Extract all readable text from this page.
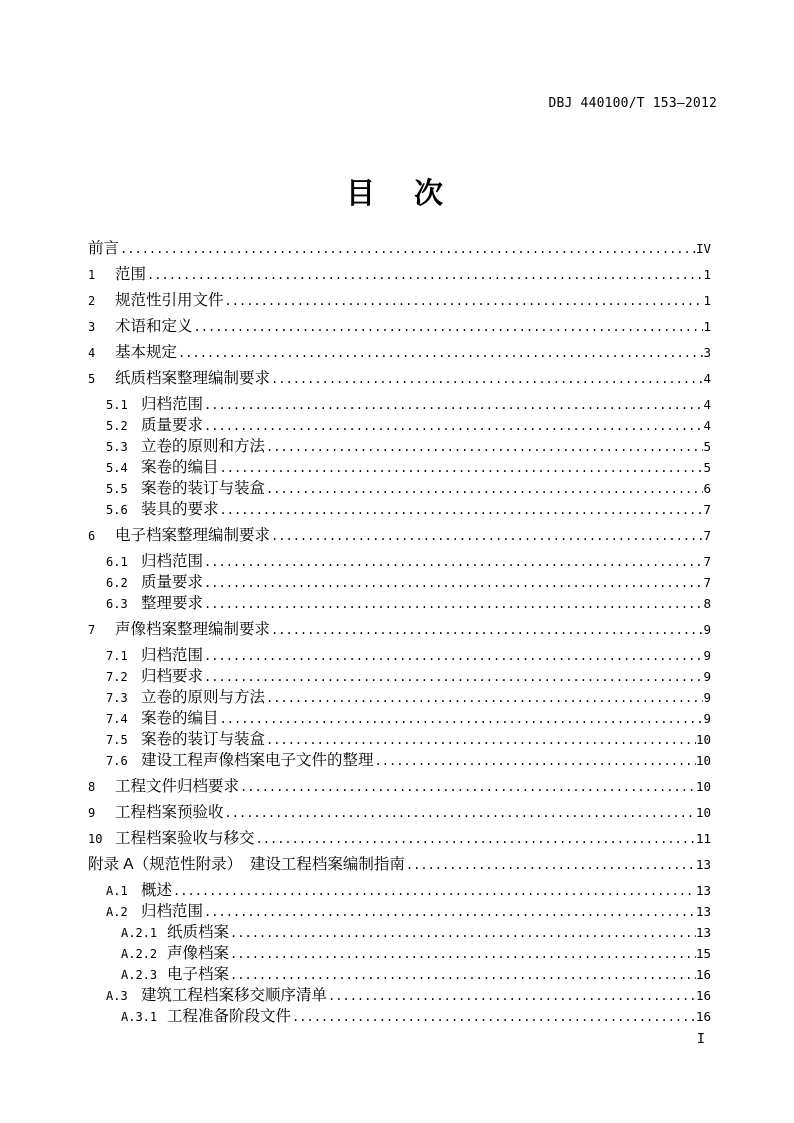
DBJ 440100/T 153—2012
目　次
前言 .....	IV
1	范围 .....	1
2	规范性引用文件 .....	1
3	术语和定义 .....	1
4	基本规定 .....	3
5	纸质档案整理编制要求 .....	4
5.1 归档范围 .....	4
5.2 质量要求 .....	4
5.3 立卷的原则和方法 .....	5
5.4 案卷的编目 .....	5
5.5 案卷的装订与装盒 .....	6
5.6 装具的要求 .....	7
6	电子档案整理编制要求 .....	7
6.1 归档范围 .....	7
6.2 质量要求 .....	7
6.3 整理要求 .....	8
7	声像档案整理编制要求 .....	9
7.1 归档范围 .....	9
7.2 归档要求 .....	9
7.3 立卷的原则与方法 .....	9
7.4 案卷的编目 .....	9
7.5 案卷的装订与装盒 .....	10
7.6 建设工程声像档案电子文件的整理 .....	10
8	工程文件归档要求 .....	10
9	工程档案预验收 .....	10
10 工程档案验收与移交 .....	11
附录 A（规范性附录）　建设工程档案编制指南 .....	13
A.1 概述 .....	13
A.2 归档范围 .....	13
A.2.1 纸质档案 .....	13
A.2.2 声像档案 .....	15
A.2.3 电子档案 .....	16
A.3 建筑工程档案移交顺序清单 .....	16
A.3.1 工程准备阶段文件 .....	16
I
